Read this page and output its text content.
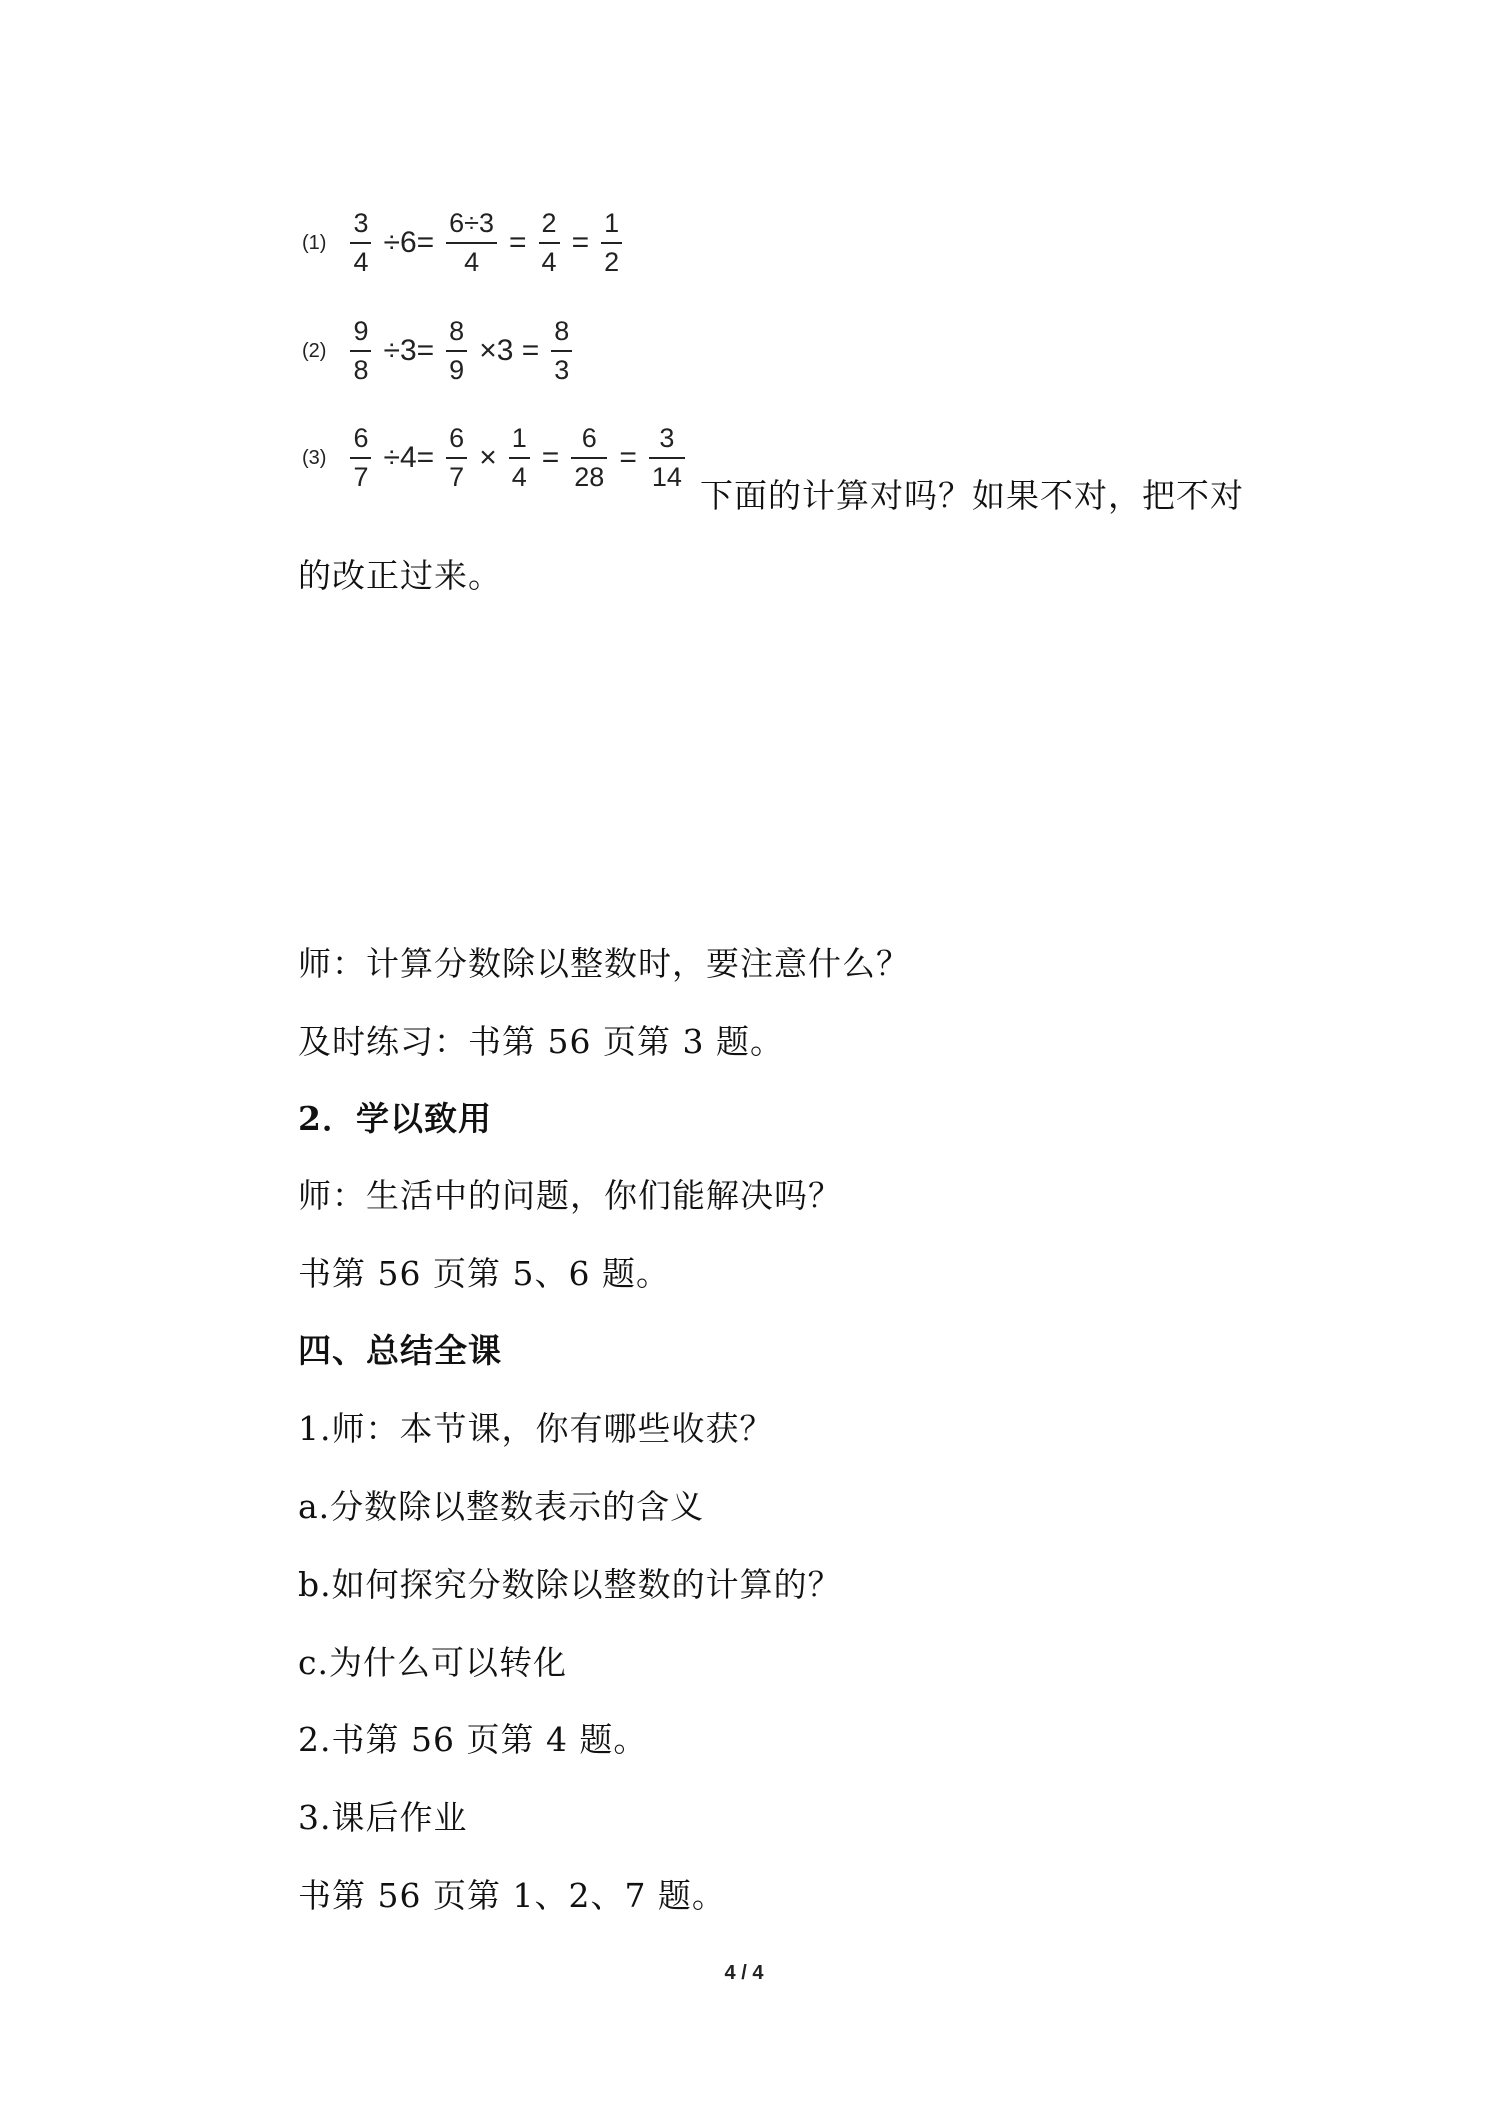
$(1) \frac{3}{4} \div 6= \frac{6\div 3}{4} = \frac{2}{4} = \frac{1}{2}$
$(2) \frac{9}{8} \div 3= \frac{8}{9} \times 3 = \frac{8}{3}$
$(3) \frac{6}{7} \div 4= \frac{6}{7} \times \frac{1}{4} = \frac{6}{28} = \frac{3}{14}$
下面的计算对吗？如果不对，把不对
的改正过来。
师：计算分数除以整数时，要注意什么？
及时练习：书第 56 页第 3 题。
2．学以致用
师：生活中的问题，你们能解决吗？
书第 56 页第 5、6 题。
四、总结全课
1.师：本节课，你有哪些收获？
a.分数除以整数表示的含义
b.如何探究分数除以整数的计算的？
c.为什么可以转化
2.书第 56 页第 4 题。
3.课后作业
书第 56 页第 1、2、7 题。
4 / 4
